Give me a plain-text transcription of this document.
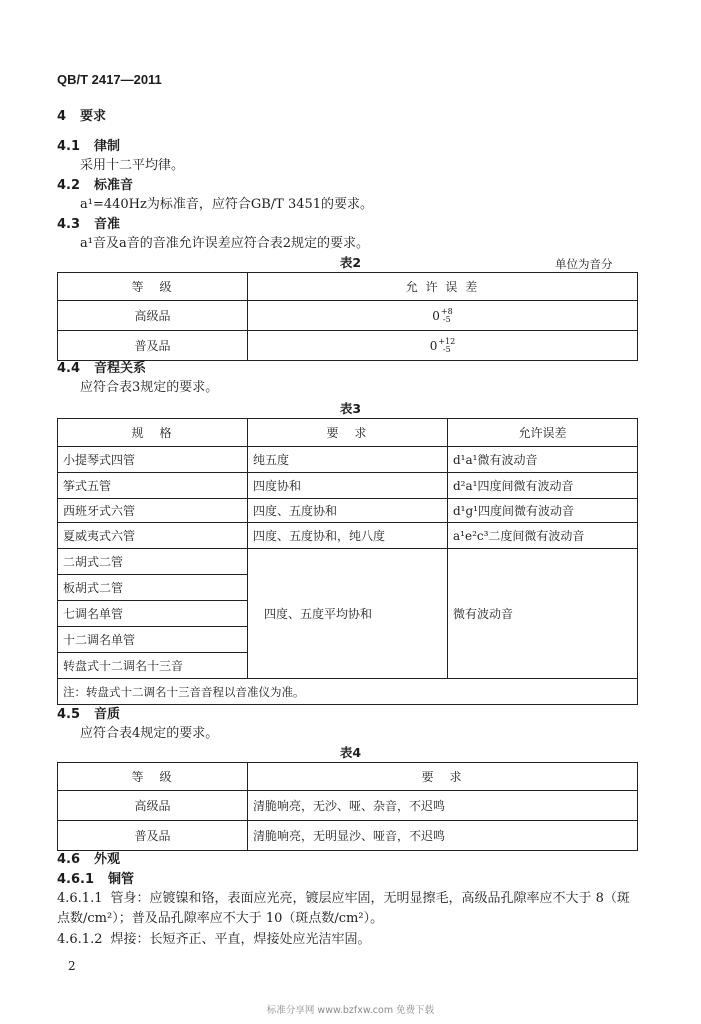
QB/T 2417—2011
4 要求
4.1 律制
采用十二平均律。
4.2 标准音
a¹=440Hz为标准音，应符合GB/T 3451的要求。
4.3 音准
a¹音及a音的音准允许误差应符合表2规定的要求。
表2	单位为音分
等　级	允 许 误 差
高级品	0 +8
-5

普及品	0 +12
-5
4.4 音程关系
应符合表3规定的要求。
表3
规　格	要　求	允许误差
小提琴式四管	纯五度	d¹a¹微有波动音
筝式五管	四度协和	d²a¹四度间微有波动音
西班牙式六管	四度、五度协和	d¹g¹四度间微有波动音
夏威夷式六管	四度、五度协和，纯八度	a¹e²c³二度间微有波动音
二胡式二管	四度、五度平均协和	微有波动音
板胡式二管		
七调名单管		
十二调名单管		
转盘式十二调名十三音		
注：转盘式十二调名十三音音程以音准仪为准。		
4.5 音质
应符合表4规定的要求。
表4
等　级	要　求
高级品	清脆响亮，无沙、哑、杂音，不迟鸣
普及品	清脆响亮，无明显沙、哑音，不迟鸣
4.6 外观
4.6.1 铜管
4.6.1.1 管身：应镀镍和铬，表面应光亮，镀层应牢固，无明显擦毛，高级品孔隙率应不大于 8（斑
点数/cm²）；普及品孔隙率应不大于 10（斑点数/cm²）。
4.6.1.2 焊接：长短齐正、平直，焊接处应光洁牢固。
2
标准分享网 www.bzfxw.com 免费下载
